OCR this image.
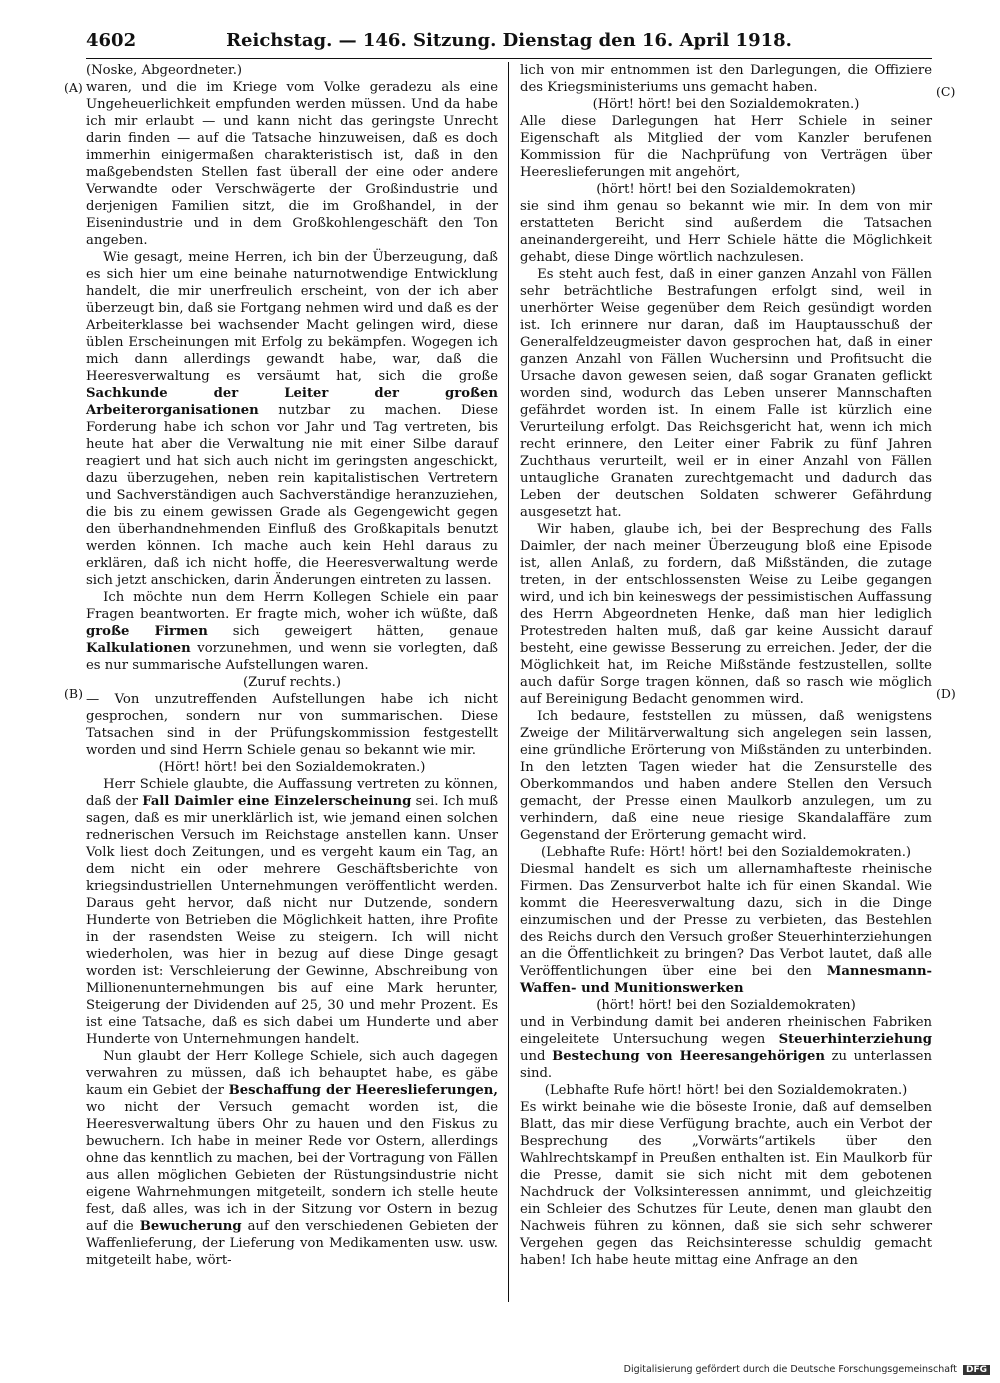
4602	Reichstag. — 146. Sitzung. Dienstag den 16. April 1918.
(A)
(B)
(C)
(D)

(Noske, Abgeordneter.)

waren, und die im Kriege vom Volke geradezu als eine Ungeheuerlichkeit empfunden werden müssen. Und da habe ich mir erlaubt — und kann nicht das geringste Unrecht darin finden — auf die Tatsache hinzuweisen, daß es doch immerhin einigermaßen charakteristisch ist, daß in den maßgebendsten Stellen fast überall der eine oder andere Verwandte oder Verschwägerte der Großindustrie und derjenigen Familien sitzt, die im Großhandel, in der Eisenindustrie und in dem Großkohlengeschäft den Ton angeben.

Wie gesagt, meine Herren, ich bin der Überzeugung, daß es sich hier um eine beinahe naturnotwendige Entwicklung handelt, die mir unerfreulich erscheint, von der ich aber überzeugt bin, daß sie Fortgang nehmen wird und daß es der Arbeiterklasse bei wachsender Macht gelingen wird, diese üblen Erscheinungen mit Erfolg zu bekämpfen. Wogegen ich mich dann allerdings gewandt habe, war, daß die Heeresverwaltung es versäumt hat, sich die große Sachkunde der Leiter der großen Arbeiterorganisationen nutzbar zu machen. Diese Forderung habe ich schon vor Jahr und Tag vertreten, bis heute hat aber die Verwaltung nie mit einer Silbe darauf reagiert und hat sich auch nicht im geringsten angeschickt, dazu überzugehen, neben rein kapitalistischen Vertretern und Sachverständigen auch Sachverständige heranzuziehen, die bis zu einem gewissen Grade als Gegengewicht gegen den überhandnehmenden Einfluß des Großkapitals benutzt werden können. Ich mache auch kein Hehl daraus zu erklären, daß ich nicht hoffe, die Heeresverwaltung werde sich jetzt anschicken, darin Änderungen eintreten zu lassen.

Ich möchte nun dem Herrn Kollegen Schiele ein paar Fragen beantworten. Er fragte mich, woher ich wüßte, daß große Firmen sich geweigert hätten, genaue Kalkulationen vorzunehmen, und wenn sie vorlegten, daß es nur summarische Aufstellungen waren.

(Zuruf rechts.)

— Von unzutreffenden Aufstellungen habe ich nicht gesprochen, sondern nur von summarischen. Diese Tatsachen sind in der Prüfungskommission festgestellt worden und sind Herrn Schiele genau so bekannt wie mir.

(Hört! hört! bei den Sozialdemokraten.)

Herr Schiele glaubte, die Auffassung vertreten zu können, daß der Fall Daimler eine Einzelerscheinung sei. Ich muß sagen, daß es mir unerklärlich ist, wie jemand einen solchen rednerischen Versuch im Reichstage anstellen kann. Unser Volk liest doch Zeitungen, und es vergeht kaum ein Tag, an dem nicht ein oder mehrere Geschäftsberichte von kriegsindustriellen Unternehmungen veröffentlicht werden. Daraus geht hervor, daß nicht nur Dutzende, sondern Hunderte von Betrieben die Möglichkeit hatten, ihre Profite in der rasendsten Weise zu steigern. Ich will nicht wiederholen, was hier in bezug auf diese Dinge gesagt worden ist: Verschleierung der Gewinne, Abschreibung von Millionenunternehmungen bis auf eine Mark herunter, Steigerung der Dividenden auf 25, 30 und mehr Prozent. Es ist eine Tatsache, daß es sich dabei um Hunderte und aber Hunderte von Unternehmungen handelt.

Nun glaubt der Herr Kollege Schiele, sich auch dagegen verwahren zu müssen, daß ich behauptet habe, es gäbe kaum ein Gebiet der Beschaffung der Heereslieferungen, wo nicht der Versuch gemacht worden ist, die Heeresverwaltung übers Ohr zu hauen und den Fiskus zu bewuchern. Ich habe in meiner Rede vor Ostern, allerdings ohne das kenntlich zu machen, bei der Vortragung von Fällen aus allen möglichen Gebieten der Rüstungsindustrie nicht eigene Wahrnehmungen mitgeteilt, sondern ich stelle heute fest, daß alles, was ich in der Sitzung vor Ostern in bezug auf die Bewucherung auf den verschiedenen Gebieten der Waffenlieferung, der Lieferung von Medikamenten usw. usw. mitgeteilt habe, wört-

lich von mir entnommen ist den Darlegungen, die Offiziere des Kriegsministeriums uns gemacht haben.

(Hört! hört! bei den Sozialdemokraten.)

Alle diese Darlegungen hat Herr Schiele in seiner Eigenschaft als Mitglied der vom Kanzler berufenen Kommission für die Nachprüfung von Verträgen über Heereslieferungen mit angehört,

(hört! hört! bei den Sozialdemokraten)

sie sind ihm genau so bekannt wie mir. In dem von mir erstatteten Bericht sind außerdem die Tatsachen aneinandergereiht, und Herr Schiele hätte die Möglichkeit gehabt, diese Dinge wörtlich nachzulesen.

Es steht auch fest, daß in einer ganzen Anzahl von Fällen sehr beträchtliche Bestrafungen erfolgt sind, weil in unerhörter Weise gegenüber dem Reich gesündigt worden ist. Ich erinnere nur daran, daß im Hauptausschuß der Generalfeldzeugmeister davon gesprochen hat, daß in einer ganzen Anzahl von Fällen Wuchersinn und Profitsucht die Ursache davon gewesen seien, daß sogar Granaten geflickt worden sind, wodurch das Leben unserer Mannschaften gefährdet worden ist. In einem Falle ist kürzlich eine Verurteilung erfolgt. Das Reichsgericht hat, wenn ich mich recht erinnere, den Leiter einer Fabrik zu fünf Jahren Zuchthaus verurteilt, weil er in einer Anzahl von Fällen untaugliche Granaten zurechtgemacht und dadurch das Leben der deutschen Soldaten schwerer Gefährdung ausgesetzt hat.

Wir haben, glaube ich, bei der Besprechung des Falls Daimler, der nach meiner Überzeugung bloß eine Episode ist, allen Anlaß, zu fordern, daß Mißständen, die zutage treten, in der entschlossensten Weise zu Leibe gegangen wird, und ich bin keineswegs der pessimistischen Auffassung des Herrn Abgeordneten Henke, daß man hier lediglich Protestreden halten muß, daß gar keine Aussicht darauf besteht, eine gewisse Besserung zu erreichen. Jeder, der die Möglichkeit hat, im Reiche Mißstände festzustellen, sollte auch dafür Sorge tragen können, daß so rasch wie möglich auf Bereinigung Bedacht genommen wird.

Ich bedaure, feststellen zu müssen, daß wenigstens Zweige der Militärverwaltung sich angelegen sein lassen, eine gründliche Erörterung von Mißständen zu unterbinden. In den letzten Tagen wieder hat die Zensurstelle des Oberkommandos und haben andere Stellen den Versuch gemacht, der Presse einen Maulkorb anzulegen, um zu verhindern, daß eine neue riesige Skandalaffäre zum Gegenstand der Erörterung gemacht wird.

(Lebhafte Rufe: Hört! hört! bei den Sozialdemokraten.)

Diesmal handelt es sich um allernamhafteste rheinische Firmen. Das Zensurverbot halte ich für einen Skandal. Wie kommt die Heeresverwaltung dazu, sich in die Dinge einzumischen und der Presse zu verbieten, das Bestehlen des Reichs durch den Versuch großer Steuerhinterziehungen an die Öffentlichkeit zu bringen? Das Verbot lautet, daß alle Veröffentlichungen über eine bei den Mannesmann-Waffen- und Munitionswerken

(hört! hört! bei den Sozialdemokraten)

und in Verbindung damit bei anderen rheinischen Fabriken eingeleitete Untersuchung wegen Steuerhinterziehung und Bestechung von Heeresangehörigen zu unterlassen sind.

(Lebhafte Rufe hört! hört! bei den Sozialdemokraten.)

Es wirkt beinahe wie die böseste Ironie, daß auf demselben Blatt, das mir diese Verfügung brachte, auch ein Verbot der Besprechung des „Vorwärts“artikels über den Wahlrechtskampf in Preußen enthalten ist. Ein Maulkorb für die Presse, damit sie sich nicht mit dem gebotenen Nachdruck der Volksinteressen annimmt, und gleichzeitig ein Schleier des Schutzes für Leute, denen man glaubt den Nachweis führen zu können, daß sie sich sehr schwerer Vergehen gegen das Reichsinteresse schuldig gemacht haben! Ich habe heute mittag eine Anfrage an den

Digitalisierung gefördert durch die Deutsche Forschungsgemeinschaft DFG
